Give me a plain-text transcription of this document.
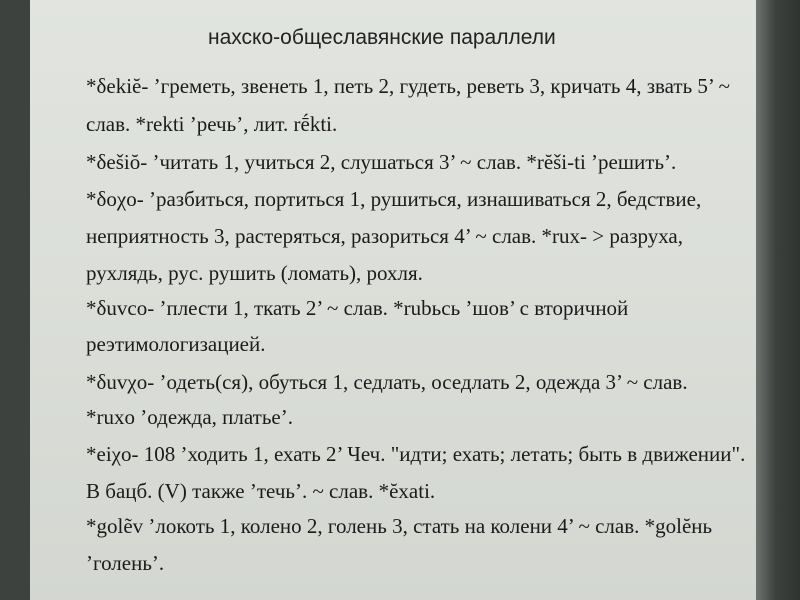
нахско-общеславянские параллели
*δekiĕ- ’греметь, звенеть 1, петь 2, гудеть, реветь 3, кричать 4, звать 5’ ~
слав. *rekti ’речь’, лит. rḗkti.
*δešiŏ- ’читать 1, учиться 2, слушаться 3’ ~ слав. *rĕši-ti ’решить’.
*δoχo- ’разбиться, портиться 1, рушиться, изнашиваться 2, бедствие,
неприятность 3, растеряться, разориться 4’ ~ слав. *rux- > разруха,
рухлядь, рус. рушить (ломать), рохля.
*δuvco- ’плести 1, ткать 2’ ~ слав. *rubьсь ’шов’ с вторичной
реэтимологизацией.
*δuvχo- ’одеть(ся), обуться 1, седлать, оседлать 2, одежда 3’ ~ слав.
*ruxo ’одежда, платье’.
*eiχo- 108 ’ходить 1, ехать 2’ Чеч. "идти; ехать; летать; быть в движении".
В бацб. (V) также ’течь’. ~ слав. *ĕxati.
*golẽv ’локоть 1, колено 2, голень 3, стать на колени 4’ ~ слав. *golĕнь
’голень’.
